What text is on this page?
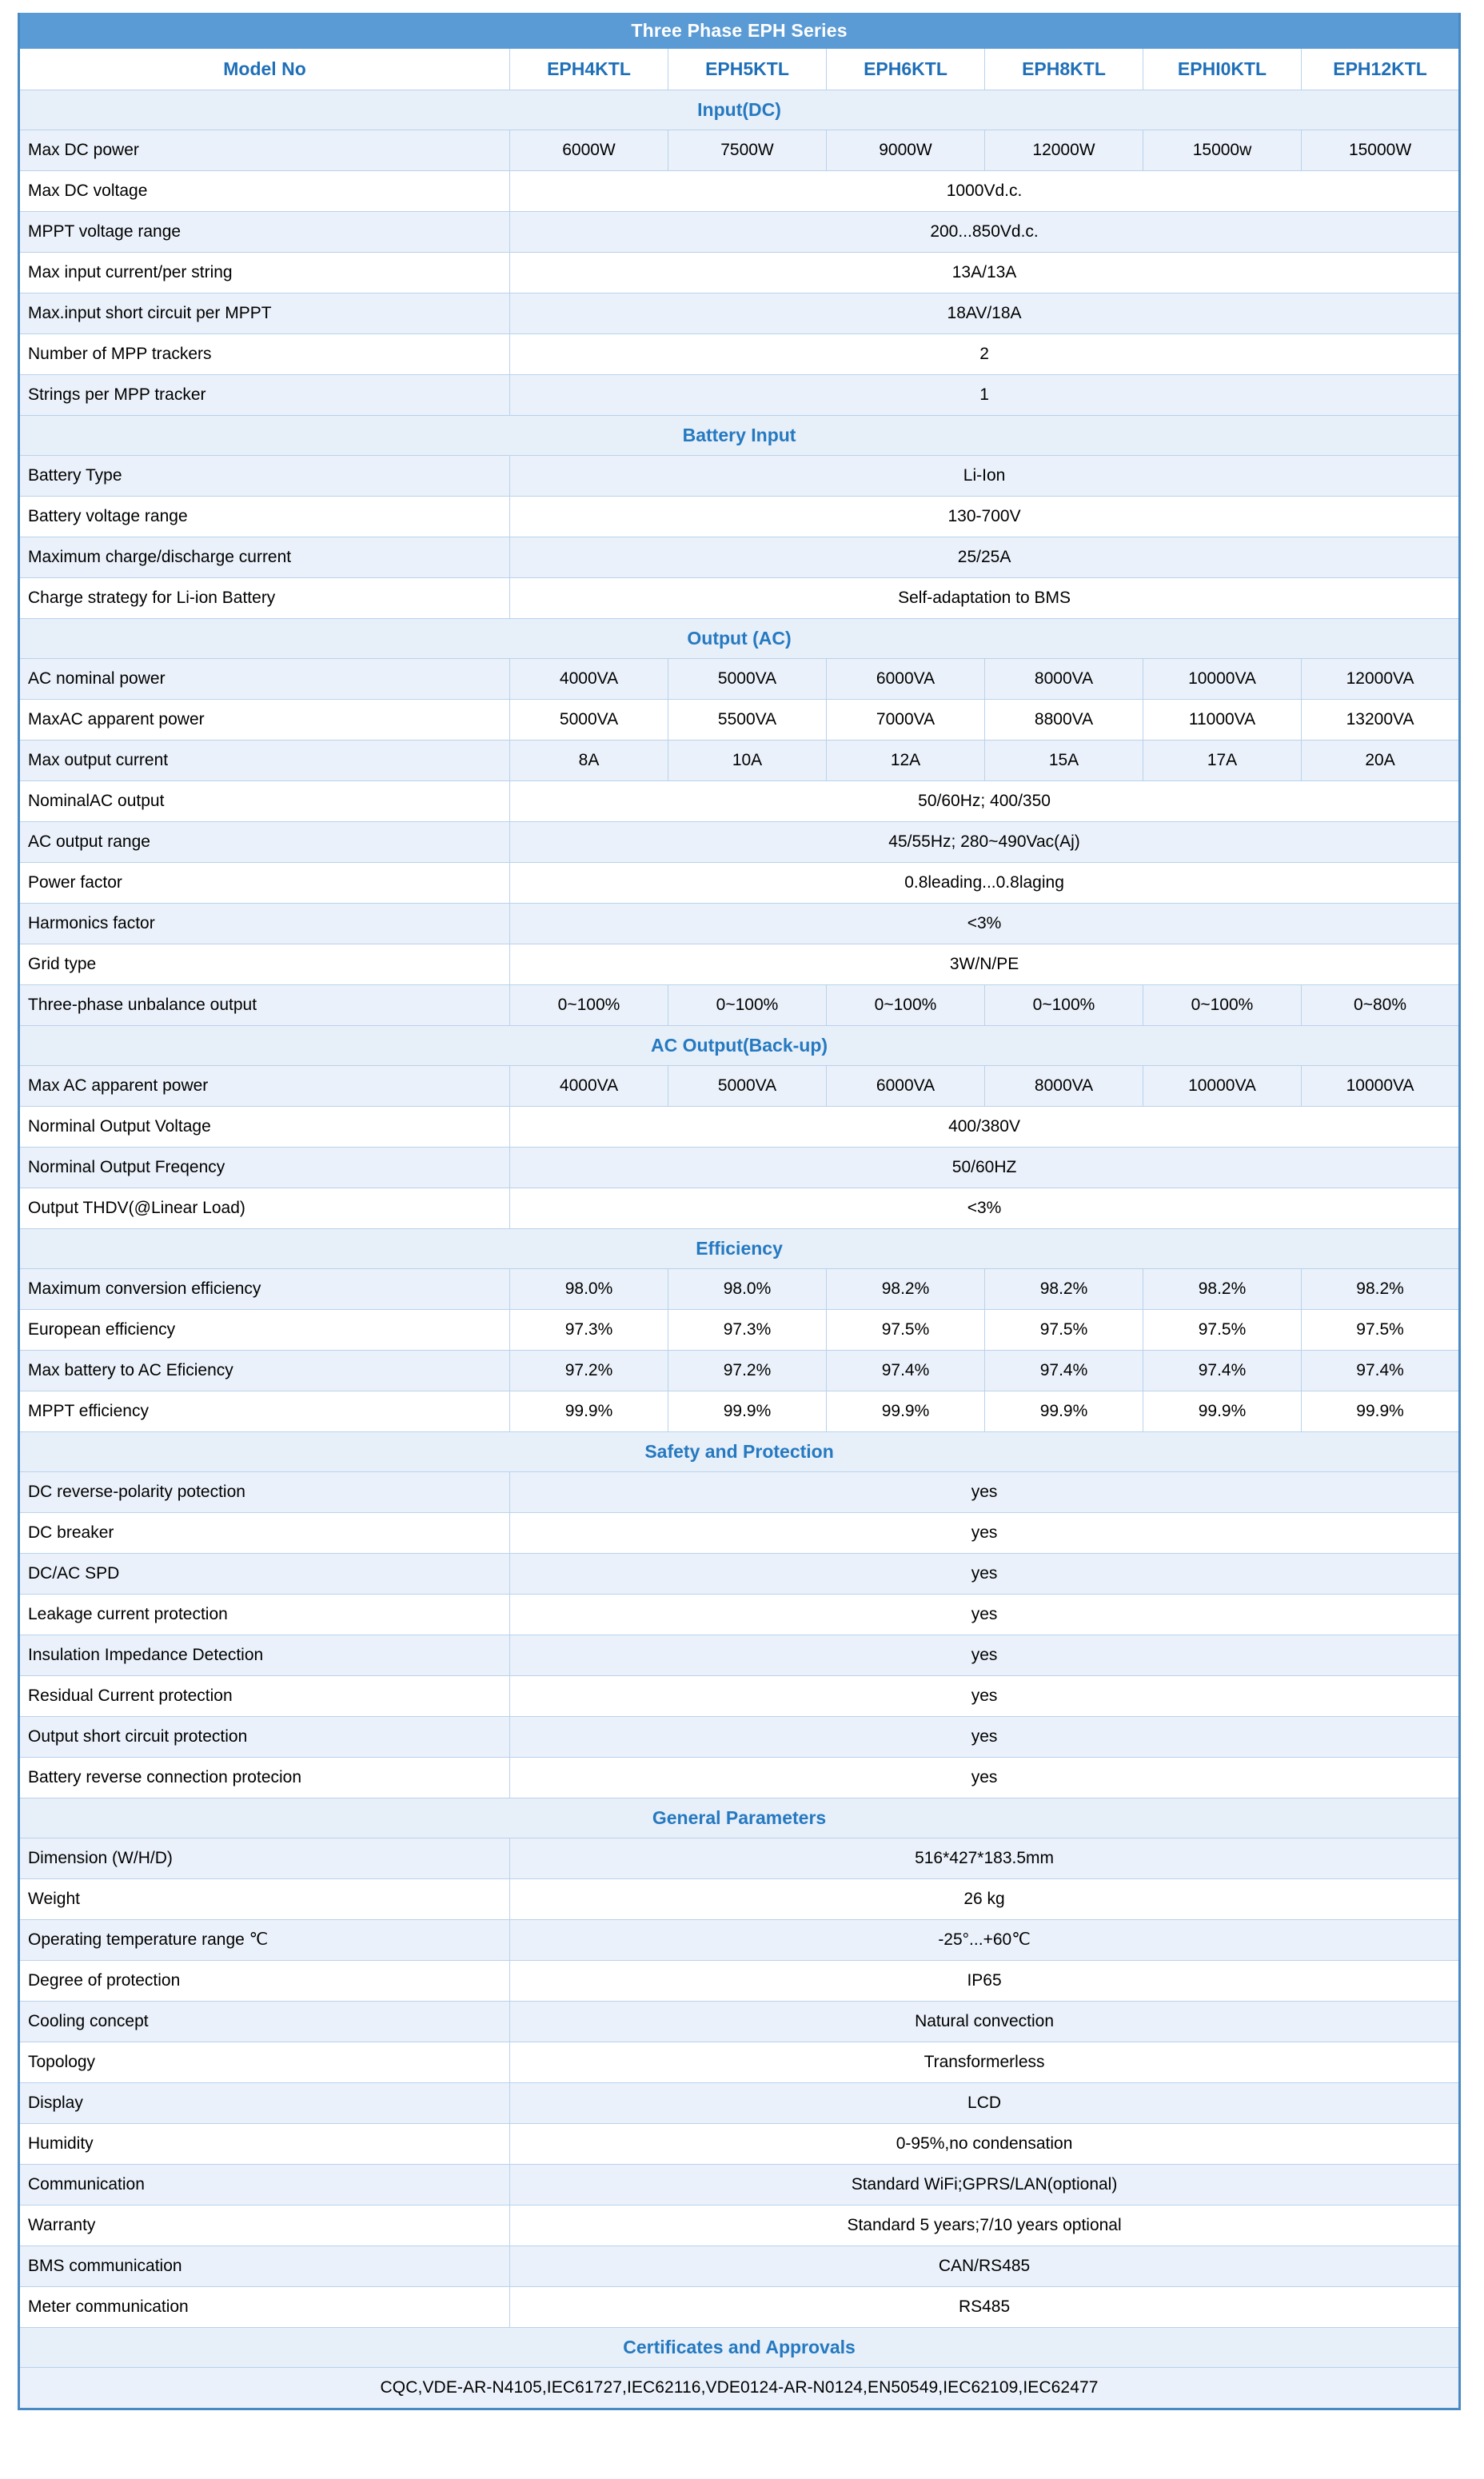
Three Phase EPH Series						
Model No	EPH4KTL	EPH5KTL	EPH6KTL	EPH8KTL	EPHI0KTL	EPH12KTL
Input(DC)						
Max DC power	6000W	7500W	9000W	12000W	15000w	15000W
Max DC voltage	1000Vd.c.					
MPPT voltage range	200...850Vd.c.					
Max input current/per string	13A/13A					
Max.input short circuit per MPPT	18AV/18A					
Number of MPP trackers	2					
Strings per MPP tracker	1					
Battery Input						
Battery Type	Li-Ion					
Battery voltage range	130-700V					
Maximum charge/discharge current	25/25A					
Charge strategy for Li-ion Battery	Self-adaptation to BMS					
Output (AC)						
AC nominal power	4000VA	5000VA	6000VA	8000VA	10000VA	12000VA
MaxAC apparent power	5000VA	5500VA	7000VA	8800VA	11000VA	13200VA
Max output current	8A	10A	12A	15A	17A	20A
NominalAC output	50/60Hz; 400/350					
AC output range	45/55Hz; 280~490Vac(Aj)					
Power factor	0.8leading...0.8laging					
Harmonics factor	<3%					
Grid type	3W/N/PE					
Three-phase unbalance output	0~100%	0~100%	0~100%	0~100%	0~100%	0~80%
AC Output(Back-up)						
Max AC apparent power	4000VA	5000VA	6000VA	8000VA	10000VA	10000VA
Norminal Output Voltage	400/380V					
Norminal Output Freqency	50/60HZ					
Output THDV(@Linear Load)	<3%					
Efficiency						
Maximum conversion efficiency	98.0%	98.0%	98.2%	98.2%	98.2%	98.2%
European efficiency	97.3%	97.3%	97.5%	97.5%	97.5%	97.5%
Max battery to AC Eficiency	97.2%	97.2%	97.4%	97.4%	97.4%	97.4%
MPPT efficiency	99.9%	99.9%	99.9%	99.9%	99.9%	99.9%
Safety and Protection						
DC reverse-polarity potection	yes					
DC breaker	yes					
DC/AC SPD	yes					
Leakage current protection	yes					
Insulation Impedance Detection	yes					
Residual Current protection	yes					
Output short circuit protection	yes					
Battery reverse connection protecion	yes					
General Parameters						
Dimension (W/H/D)	516*427*183.5mm					
Weight	26 kg					
Operating temperature range ℃	-25°...+60℃					
Degree of protection	IP65					
Cooling concept	Natural convection					
Topology	Transformerless					
Display	LCD					
Humidity	0-95%,no condensation					
Communication	Standard WiFi;GPRS/LAN(optional)					
Warranty	Standard 5 years;7/10 years optional					
BMS communication	CAN/RS485					
Meter communication	RS485					
Certificates and Approvals						
CQC,VDE-AR-N4105,IEC61727,IEC62116,VDE0124-AR-N0124,EN50549,IEC62109,IEC62477						
